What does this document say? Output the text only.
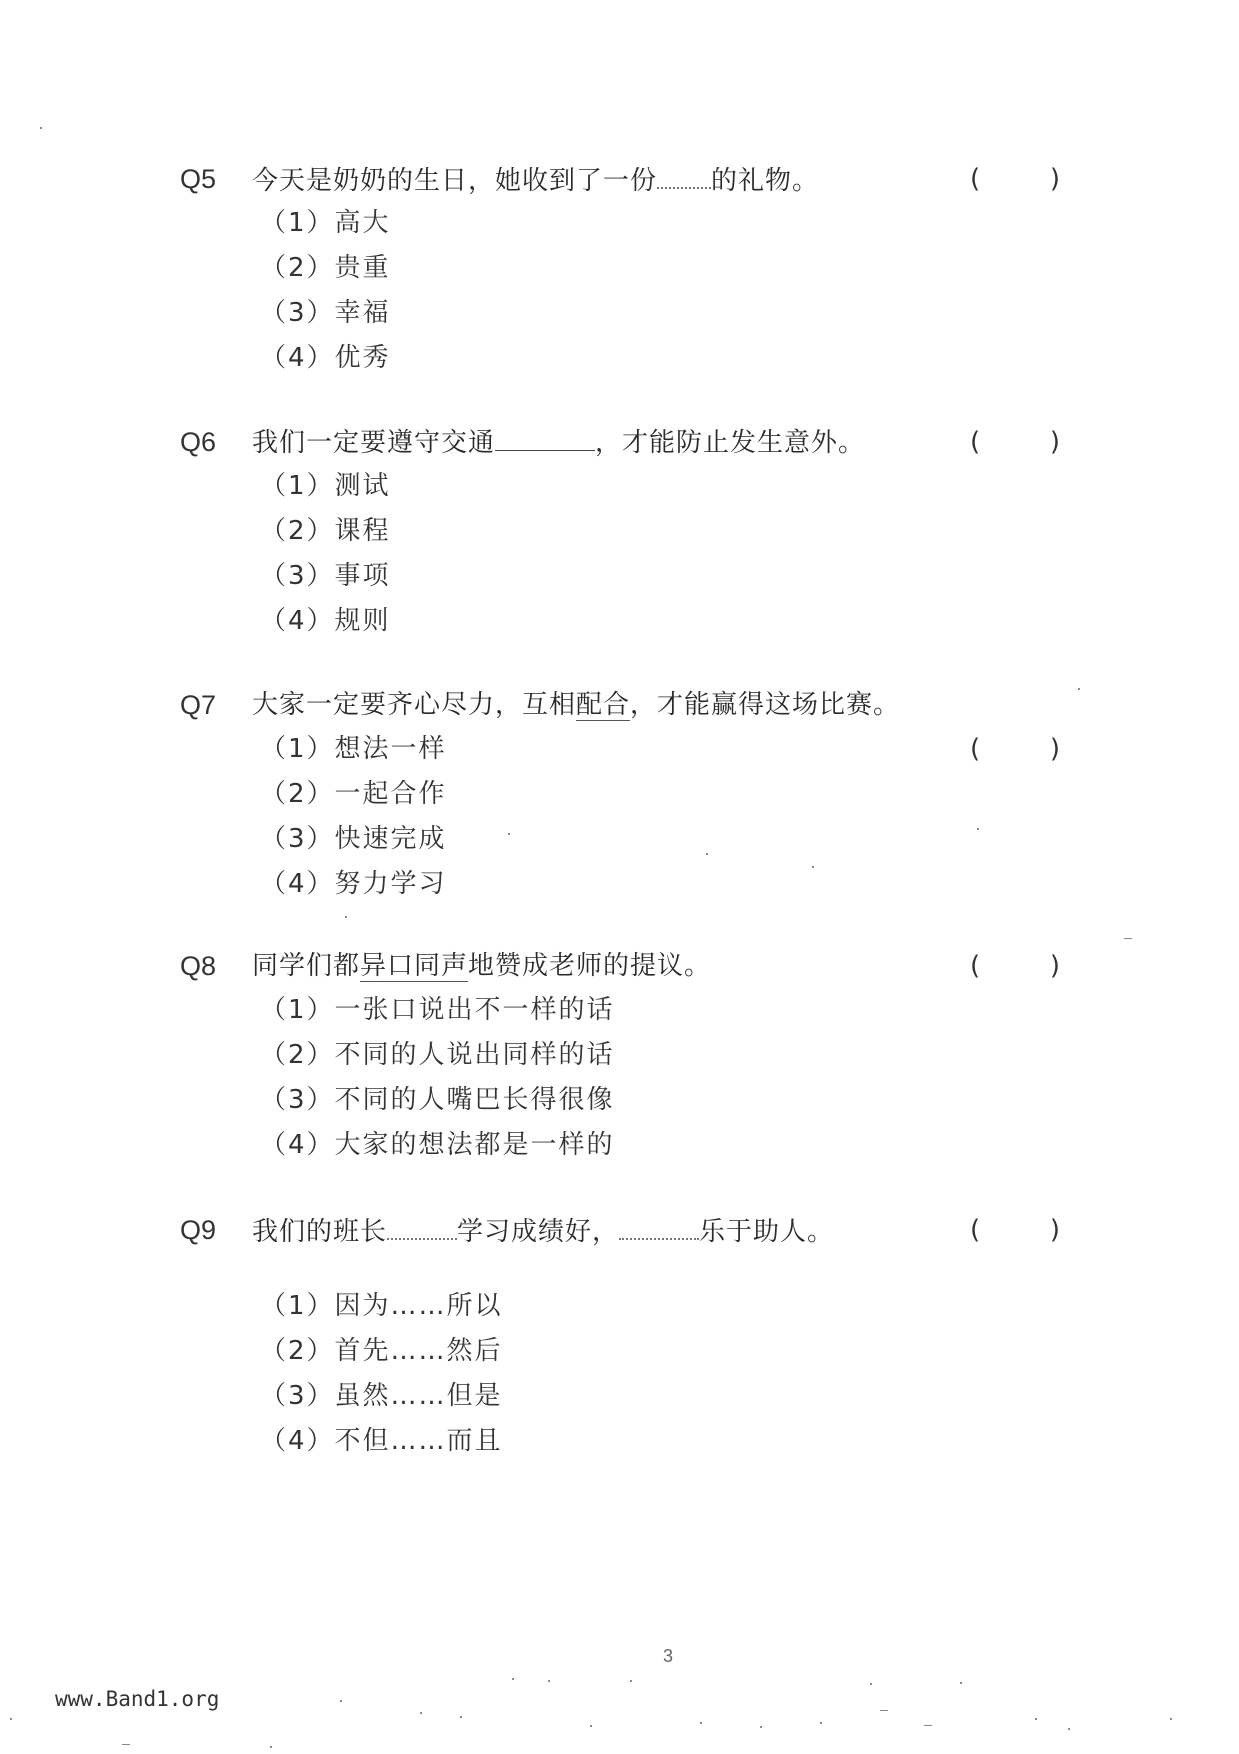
Q5 今天是奶奶的生日，她收到了一份 的礼物。	(	)
（1）高大
（2）贵重
（3）幸福
（4）优秀
Q6 我们一定要遵守交通	，才能防止发生意外。	(	)
（1）测试
（2）课程
（3）事项
（4）规则
Q7 大家一定要齐心尽力，互相配合，才能赢得这场比赛。
（1）想法一样
（2）一起合作
（3）快速完成
（4）努力学习
(	)
Q8 同学们都异口同声地赞成老师的提议。	(	)
（1）一张口说出不一样的话
（2）不同的人说出同样的话
（3）不同的人嘴巴长得很像
（4）大家的想法都是一样的
Q9 我们的班长	学习成绩好，	乐于助人。	(	)
（1）因为……所以
（2）首先……然后
（3）虽然……但是
（4）不但……而且
3
www.Band1.org
